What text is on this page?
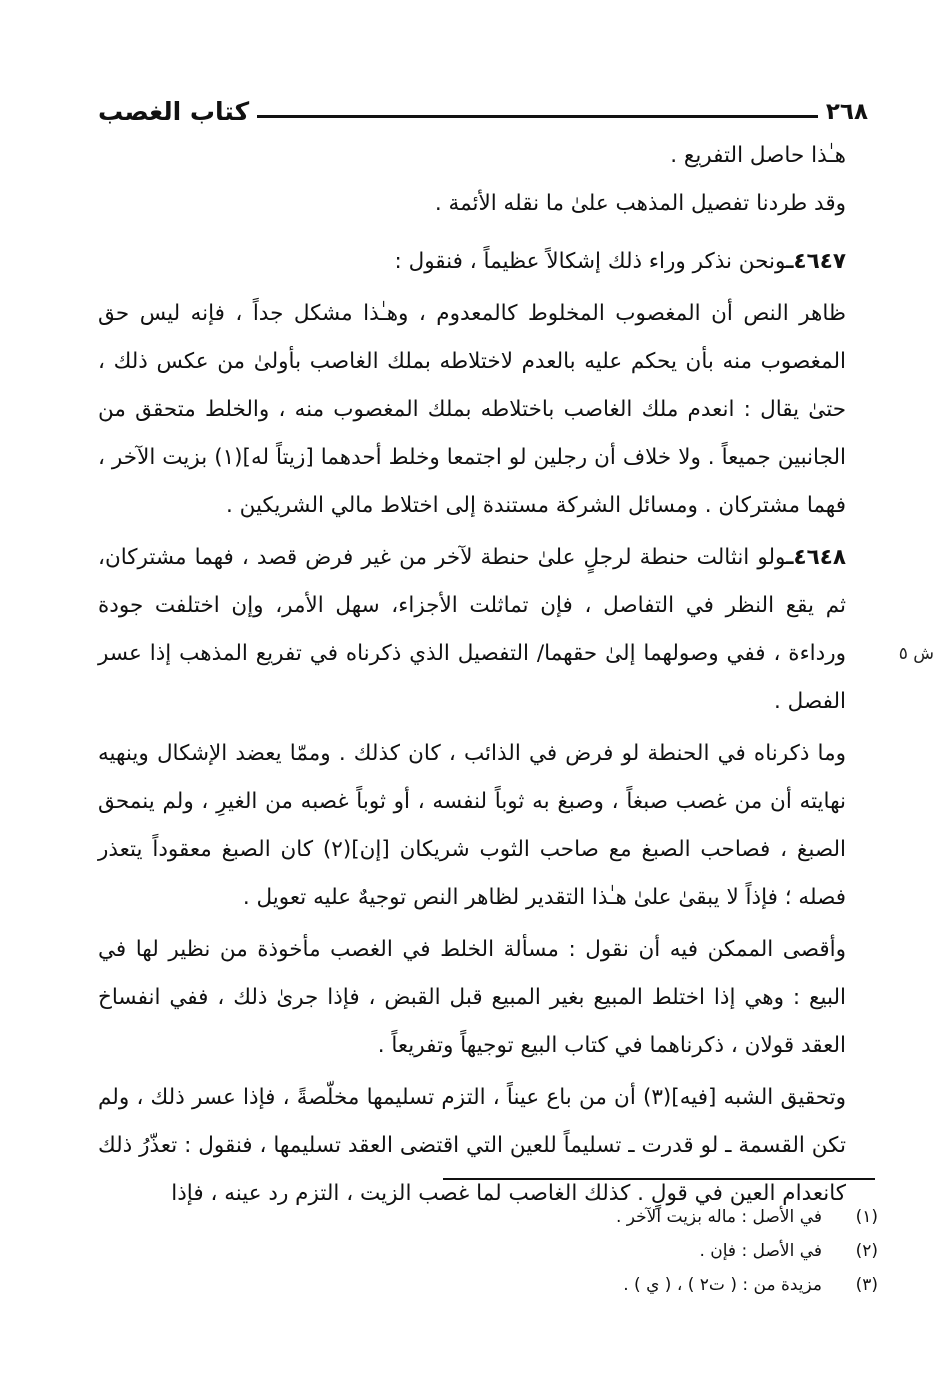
كتاب الغصب	٢٦٨

هـٰذا حاصل التفريع .

وقد طردنا تفصيل المذهب علىٰ ما نقله الأئمة .

٤٦٤٧ـونحن نذكر وراء ذلك إشكالاً عظيماً ، فنقول :

ظاهر النص أن المغصوب المخلوط كالمعدوم ، وهـٰذا مشكل جداً ، فإنه ليس حق المغصوب منه بأن يحكم عليه بالعدم لاختلاطه بملك الغاصب بأولىٰ من عكس ذلك ، حتىٰ يقال : انعدم ملك الغاصب باختلاطه بملك المغصوب منه ، والخلط متحقق من الجانبين جميعاً . ولا خلاف أن رجلين لو اجتمعا وخلط أحدهما [زيتاً له](١) بزيت الآخر ، فهما مشتركان . ومسائل الشركة مستندة إلى اختلاط مالي الشريكين .

٤٦٤٨ـولو انثالت حنطة لرجلٍ علىٰ حنطة لآخر من غير فرض قصد ، فهما مشتركان، ثم يقع النظر في التفاصل ، فإن تماثلت الأجزاء، سهل الأمر، وإن اختلفت جودة ورداءة ، ففي وصولهما إلىٰ حقهما/ التفصيل الذي ذكرناه في تفريع المذهب إذا عسر الفصل .
ش ٥

وما ذكرناه في الحنطة لو فرض في الذائب ، كان كذلك . وممّا يعضد الإشكال وينهيه نهايته أن من غصب صبغاً ، وصبغ به ثوباً لنفسه ، أو ثوباً غصبه من الغيرِ ، ولم ينمحق الصبغ ، فصاحب الصبغ مع صاحب الثوب شريكان [إن](٢) كان الصبغ معقوداً يتعذر فصله ؛ فإذاً لا يبقىٰ علىٰ هـٰذا التقدير لظاهر النص توجيهٌ عليه تعويل .

وأقصى الممكن فيه أن نقول : مسألة الخلط في الغصب مأخوذة من نظير لها في البيع : وهي إذا اختلط المبيع بغير المبيع قبل القبض ، فإذا جرىٰ ذلك ، ففي انفساخ العقد قولان ، ذكرناهما في كتاب البيع توجيهاً وتفريعاً .

وتحقيق الشبه [فيه](٣) أن من باع عيناً ، التزم تسليمها مخلّصةً ، فإذا عسر ذلك ، ولم تكن القسمة ـ لو قدرت ـ تسليماً للعين التي اقتضى العقد تسليمها ، فنقول : تعذّرُ ذلك كانعدام العين في قولٍ . كذلك الغاصب لما غصب الزيت ، التزم رد عينه ، فإذا

(١)
في الأصل : ماله بزيت الآخر .
(٢)
في الأصل : فإن .
(٣)
مزيدة من : ( ت٢ ) ، ( ي ) .
